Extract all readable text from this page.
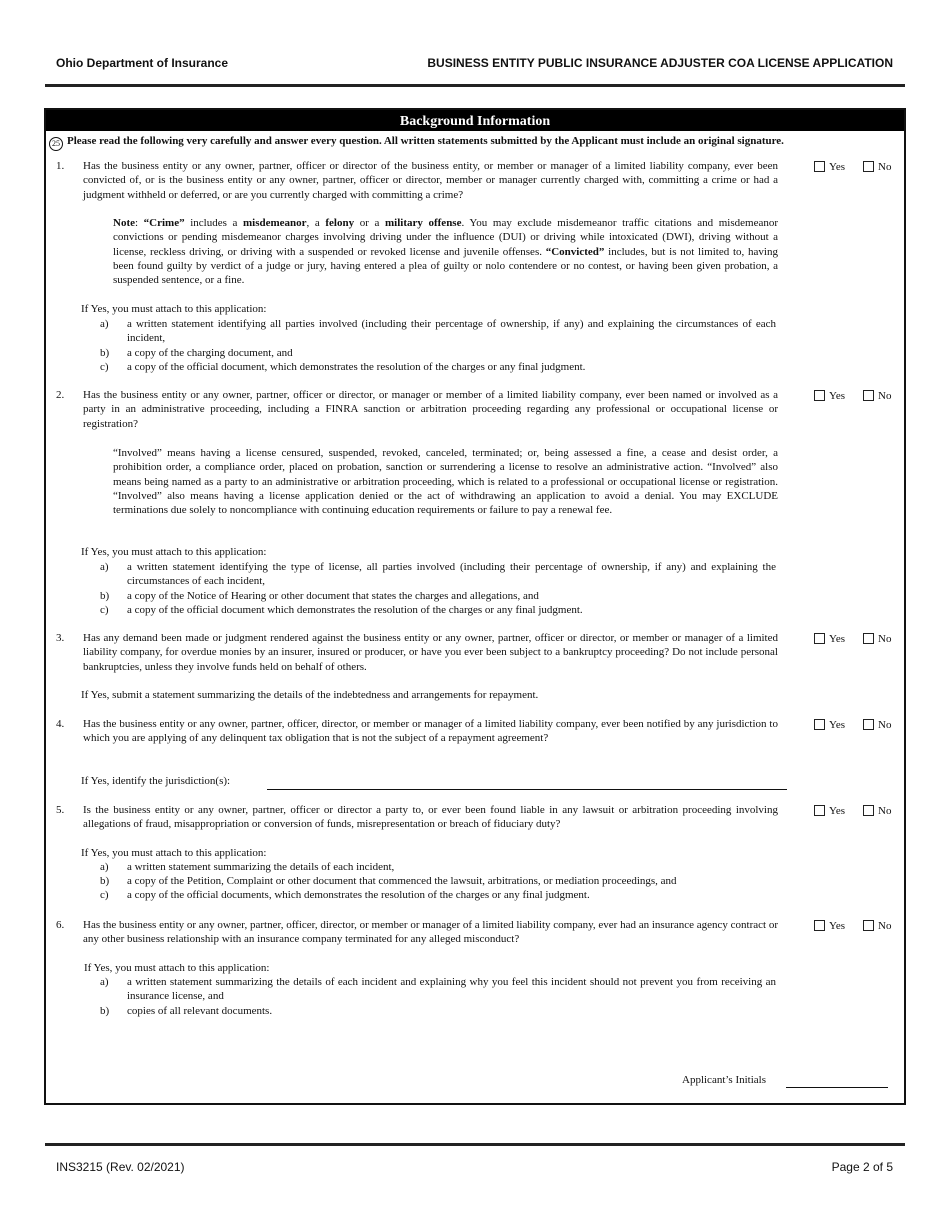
Ohio Department of Insurance	BUSINESS ENTITY PUBLIC INSURANCE ADJUSTER COA LICENSE APPLICATION
Background Information
25 Please read the following very carefully and answer every question. All written statements submitted by the Applicant must include an original signature.
1. Has the business entity or any owner, partner, officer or director of the business entity, or member or manager of a limited liability company, ever been convicted of, or is the business entity or any owner, partner, officer or director, member or manager currently charged with, committing a crime or had a judgment withheld or deferred, or are you currently charged with committing a crime?
Yes	No
Note: “Crime” includes a misdemeanor, a felony or a military offense. You may exclude misdemeanor traffic citations and misdemeanor convictions or pending misdemeanor charges involving driving under the influence (DUI) or driving while intoxicated (DWI), driving without a license, reckless driving, or driving with a suspended or revoked license and juvenile offenses. “Convicted” includes, but is not limited to, having been found guilty by verdict of a judge or jury, having entered a plea of guilty or nolo contendere or no contest, or having been given probation, a suspended sentence, or a fine.
If Yes, you must attach to this application:
a)	a written statement identifying all parties involved (including their percentage of ownership, if any) and explaining the circumstances of each incident,
b)	a copy of the charging document, and
c)	a copy of the official document, which demonstrates the resolution of the charges or any final judgment.
2. Has the business entity or any owner, partner, officer or director, or manager or member of a limited liability company, ever been named or involved as a party in an administrative proceeding, including a FINRA sanction or arbitration proceeding regarding any professional or occupational license or registration?
Yes	No
“Involved” means having a license censured, suspended, revoked, canceled, terminated; or, being assessed a fine, a cease and desist order, a prohibition order, a compliance order, placed on probation, sanction or surrendering a license to resolve an administrative action. “Involved” also means being named as a party to an administrative or arbitration proceeding, which is related to a professional or occupational license or registration. “Involved” also means having a license application denied or the act of withdrawing an application to avoid a denial. You may EXCLUDE terminations due solely to noncompliance with continuing education requirements or failure to pay a renewal fee.
If Yes, you must attach to this application:
a)	a written statement identifying the type of license, all parties involved (including their percentage of ownership, if any) and explaining the circumstances of each incident,
b)	a copy of the Notice of Hearing or other document that states the charges and allegations, and
c)	a copy of the official document which demonstrates the resolution of the charges or any final judgment.
3. Has any demand been made or judgment rendered against the business entity or any owner, partner, officer or director, or member or manager of a limited liability company, for overdue monies by an insurer, insured or producer, or have you ever been subject to a bankruptcy proceeding? Do not include personal bankruptcies, unless they involve funds held on behalf of others.
Yes	No
If Yes, submit a statement summarizing the details of the indebtedness and arrangements for repayment.
4. Has the business entity or any owner, partner, officer, director, or member or manager of a limited liability company, ever been notified by any jurisdiction to which you are applying of any delinquent tax obligation that is not the subject of a repayment agreement?
Yes	No
If Yes, identify the jurisdiction(s):
5. Is the business entity or any owner, partner, officer or director a party to, or ever been found liable in any lawsuit or arbitration proceeding involving allegations of fraud, misappropriation or conversion of funds, misrepresentation or breach of fiduciary duty?
Yes	No
If Yes, you must attach to this application:
a)	a written statement summarizing the details of each incident,
b)	a copy of the Petition, Complaint or other document that commenced the lawsuit, arbitrations, or mediation proceedings, and
c)	a copy of the official documents, which demonstrates the resolution of the charges or any final judgment.
6. Has the business entity or any owner, partner, officer, director, or member or manager of a limited liability company, ever had an insurance agency contract or any other business relationship with an insurance company terminated for any alleged misconduct?
Yes	No
If Yes, you must attach to this application:
a)	a written statement summarizing the details of each incident and explaining why you feel this incident should not prevent you from receiving an insurance license, and
b)	copies of all relevant documents.
Applicant’s Initials
INS3215 (Rev. 02/2021)	Page 2 of 5
